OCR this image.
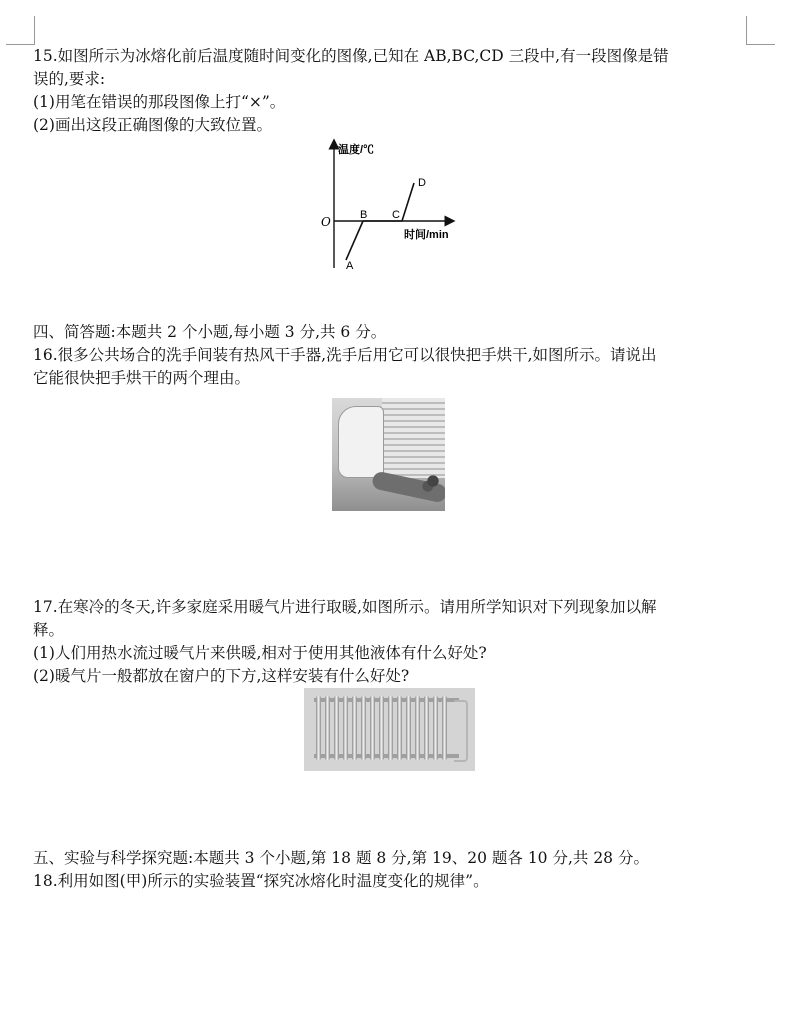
15.如图所示为冰熔化前后温度随时间变化的图像,已知在 AB,BC,CD 三段中,有一段图像是错
误的,要求:
(1)用笔在错误的那段图像上打“×”。
(2)画出这段正确图像的大致位置。
温度/℃
时间/min
O
A
B C
D
四、简答题:本题共 2 个小题,每小题 3 分,共 6 分。
16.很多公共场合的洗手间装有热风干手器,洗手后用它可以很快把手烘干,如图所示。请说出
它能很快把手烘干的两个理由。
17.在寒冷的冬天,许多家庭采用暖气片进行取暖,如图所示。请用所学知识对下列现象加以解
释。
(1)人们用热水流过暖气片来供暖,相对于使用其他液体有什么好处?
(2)暖气片一般都放在窗户的下方,这样安装有什么好处?
五、实验与科学探究题:本题共 3 个小题,第 18 题 8 分,第 19、20 题各 10 分,共 28 分。
18.利用如图(甲)所示的实验装置“探究冰熔化时温度变化的规律”。
